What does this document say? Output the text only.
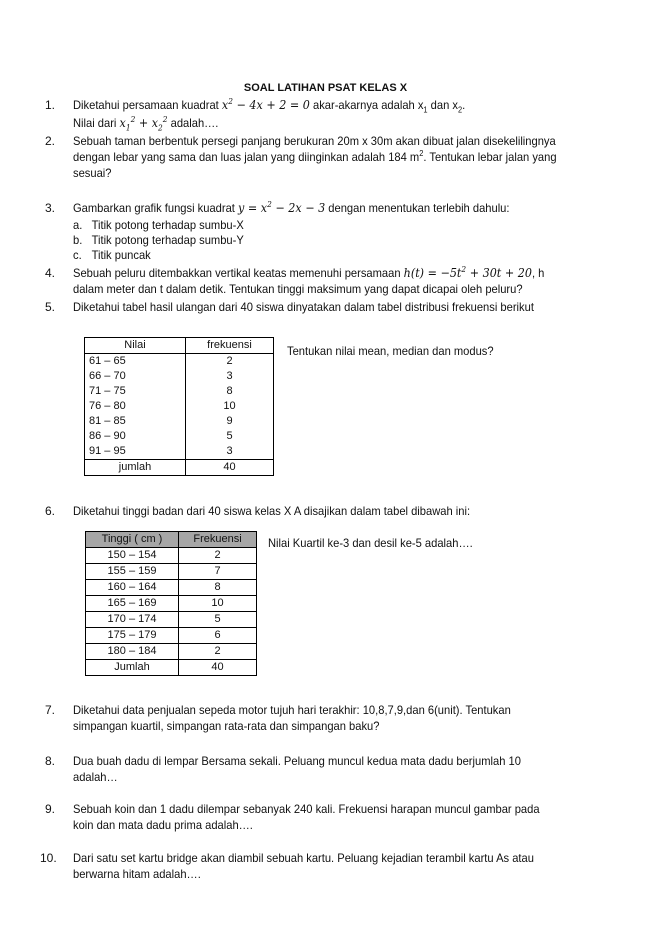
SOAL LATIHAN PSAT KELAS X
1.	Diketahui persamaan kuadrat $x^2 - 4x + 2 = 0$ akar-akarnya adalah $x_1$ dan $x_2$.
Nilai dari $x_1^2 + x_2^2$ adalah….
2.	Sebuah taman berbentuk persegi panjang berukuran 20m x 30m akan dibuat jalan disekelilingnya
dengan lebar yang sama dan luas jalan yang diinginkan adalah 184 $m^2$. Tentukan lebar jalan yang
sesuai?
3.	Gambarkan grafik fungsi kuadrat $y = x^2 - 2x - 3$ dengan menentukan terlebih dahulu:
a. Titik potong terhadap sumbu-X
b. Titik potong terhadap sumbu-Y
c. Titik puncak
4.	Sebuah peluru ditembakkan vertikal keatas memenuhi persamaan $h(t) = -5t^2 + 30t + 20$, h
dalam meter dan t dalam detik. Tentukan tinggi maksimum yang dapat dicapai oleh peluru?
5.	Diketahui tabel hasil ulangan dari 40 siswa dinyatakan dalam tabel distribusi frekuensi berikut
Nilai	frekuensi
61 – 65	2
66 – 70	3
71 – 75	8
76 – 80	10
81 – 85	9
86 – 90	5
91 – 95	3
jumlah	40
Tentukan nilai mean, median dan modus?
6.	Diketahui tinggi badan dari 40 siswa kelas X A disajikan dalam tabel dibawah ini:
Tinggi ( cm )	Frekuensi
150 – 154	2
155 – 159	7
160 – 164	8
165 – 169	10
170 – 174	5
175 – 179	6
180 – 184	2
Jumlah	40
Nilai Kuartil ke-3 dan desil ke-5 adalah….
7.	Diketahui data penjualan sepeda motor tujuh hari terakhir: 10,8,7,9,dan 6(unit). Tentukan
simpangan kuartil, simpangan rata-rata dan simpangan baku?
8.	Dua buah dadu di lempar Bersama sekali. Peluang muncul kedua mata dadu berjumlah 10
adalah…
9.	Sebuah koin dan 1 dadu dilempar sebanyak 240 kali. Frekuensi harapan muncul gambar pada
koin dan mata dadu prima adalah….
10. Dari satu set kartu bridge akan diambil sebuah kartu. Peluang kejadian terambil kartu As atau
berwarna hitam adalah….
